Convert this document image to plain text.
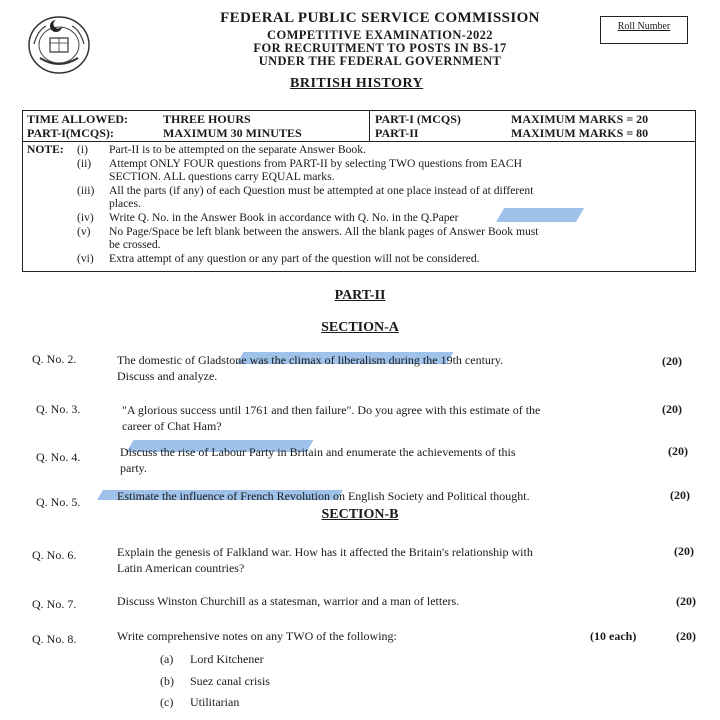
FEDERAL PUBLIC SERVICE COMMISSION
COMPETITIVE EXAMINATION-2022
FOR RECRUITMENT TO POSTS IN BS-17
UNDER THE FEDERAL GOVERNMENT
BRITISH HISTORY
Roll Number
TIME ALLOWED:	THREE HOURS
PART-I(MCQS):	MAXIMUM 30 MINUTES
PART-I (MCQS)	MAXIMUM MARKS = 20
PART-II	MAXIMUM MARKS = 80
NOTE: (i) Part-II is to be attempted on the separate Answer Book.
(ii) Attempt ONLY FOUR questions from PART-II by selecting TWO questions from EACH
SECTION. ALL questions carry EQUAL marks.
(iii) All the parts (if any) of each Question must be attempted at one place instead of at different
places.
(iv) Write Q. No. in the Answer Book in accordance with Q. No. in the Q.Paper
(v) No Page/Space be left blank between the answers. All the blank pages of Answer Book must
be crossed.
(vi) Extra attempt of any question or any part of the question will not be considered.
PART-II
SECTION-A
Q. No. 2.	The domestic of Gladstone was the climax of liberalism during the 19th century.
Discuss and analyze.
(20)
Q. No. 3.	"A glorious success until 1761 and then failure". Do you agree with this estimate of the
career of Chat Ham?
(20)
Q. No. 4.	Discuss the rise of Labour Party in Britain and enumerate the achievements of this
party.
(20)
Q. No. 5.	Estimate the influence of French Revolution on English Society and Political thought.	(20)
SECTION-B
Q. No. 6.	Explain the genesis of Falkland war. How has it affected the Britain's relationship with
Latin American countries?
(20)
Q. No. 7.	Discuss Winston Churchill as a statesman, warrior and a man of letters.	(20)
Q. No. 8.	Write comprehensive notes on any TWO of the following:	(10 each)	(20)
(a) Lord Kitchener
(b) Suez canal crisis
(c) Utilitarian
